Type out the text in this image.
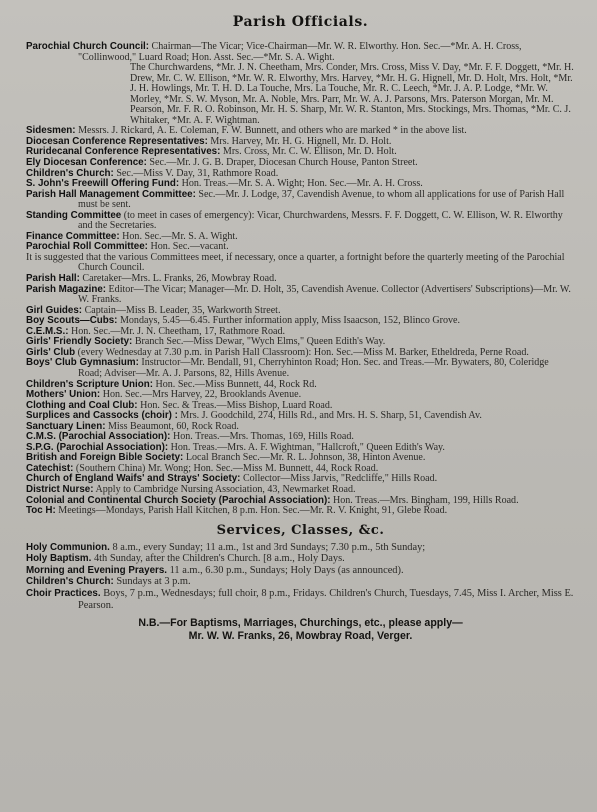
Parish Officials.

Parochial Church Council: Chairman—The Vicar; Vice-Chairman—Mr. W. R. Elworthy. Hon. Sec.—*Mr. A. H. Cross, "Collinwood," Luard Road; Hon. Asst. Sec.—*Mr. S. A. Wight.
The Churchwardens, *Mr. J. N. Cheetham, Mrs. Conder, Mrs. Cross, Miss V. Day, *Mr. F. F. Doggett, *Mr. H. Drew, Mr. C. W. Ellison, *Mr. W. R. Elworthy, Mrs. Harvey, *Mr. H. G. Hignell, Mr. D. Holt, Mrs. Holt, *Mr. J. H. Howlings, Mr. T. H. D. La Touche, Mrs. La Touche, Mr. R. C. Leech, *Mr. J. A. P. Lodge, *Mr. W. Morley, *Mr. S. W. Myson, Mr. A. Noble, Mrs. Parr, Mr. W. A. J. Parsons, Mrs. Paterson Morgan, Mr. M. Pearson, Mr. F. R. O. Robinson, Mr. H. S. Sharp, Mr. W. R. Stanton, Mrs. Stockings, Mrs. Thomas, *Mr. C. J. Whitaker, *Mr. A. F. Wightman.

Sidesmen: Messrs. J. Rickard, A. E. Coleman, F. W. Bunnett, and others who are marked * in the above list.

Diocesan Conference Representatives: Mrs. Harvey, Mr. H. G. Hignell, Mr. D. Holt.

Ruridecanal Conference Representatives: Mrs. Cross, Mr. C. W. Ellison, Mr. D. Holt.

Ely Diocesan Conference: Sec.—Mr. J. G. B. Draper, Diocesan Church House, Panton Street.

Children's Church: Sec.—Miss V. Day, 31, Rathmore Road.

S. John's Freewill Offering Fund: Hon. Treas.—Mr. S. A. Wight; Hon. Sec.—Mr. A. H. Cross.

Parish Hall Management Committee: Sec.—Mr. J. Lodge, 37, Cavendish Avenue, to whom all applications for use of Parish Hall must be sent.

Standing Committee (to meet in cases of emergency): Vicar, Churchwardens, Messrs. F. F. Doggett, C. W. Ellison, W. R. Elworthy and the Secretaries.

Finance Committee: Hon. Sec.—Mr. S. A. Wight.

Parochial Roll Committee: Hon. Sec.—vacant.

It is suggested that the various Committees meet, if necessary, once a quarter, a fortnight before the quarterly meeting of the Parochial Church Council.

Parish Hall: Caretaker—Mrs. L. Franks, 26, Mowbray Road.

Parish Magazine: Editor—The Vicar; Manager—Mr. D. Holt, 35, Cavendish Avenue. Collector (Advertisers' Subscriptions)—Mr. W. W. Franks.

Girl Guides: Captain—Miss B. Leader, 35, Warkworth Street.

Boy Scouts—Cubs: Mondays, 5.45—6.45. Further information apply, Miss Isaacson, 152, Blinco Grove.

C.E.M.S.: Hon. Sec.—Mr. J. N. Cheetham, 17, Rathmore Road.

Girls' Friendly Society: Branch Sec.—Miss Dewar, "Wych Elms," Queen Edith's Way.

Girls' Club (every Wednesday at 7.30 p.m. in Parish Hall Classroom): Hon. Sec.—Miss M. Barker, Etheldreda, Perne Road.

Boys' Club Gymnasium: Instructor—Mr. Bendall, 91, Cherryhinton Road; Hon. Sec. and Treas.—Mr. Bywaters, 80, Coleridge Road; Adviser—Mr. A. J. Parsons, 82, Hills Avenue.

Children's Scripture Union: Hon. Sec.—Miss Bunnett, 44, Rock Rd.

Mothers' Union: Hon. Sec.—Mrs Harvey, 22, Brooklands Avenue.

Clothing and Coal Club: Hon. Sec. & Treas.—Miss Bishop, Luard Road.

Surplices and Cassocks (choir) : Mrs. J. Goodchild, 274, Hills Rd., and Mrs. H. S. Sharp, 51, Cavendish Av.

Sanctuary Linen: Miss Beaumont, 60, Rock Road.

C.M.S. (Parochial Association): Hon. Treas.—Mrs. Thomas, 169, Hills Road.

S.P.G. (Parochial Association): Hon. Treas.—Mrs. A. F. Wightman, "Hallcroft," Queen Edith's Way.

British and Foreign Bible Society: Local Branch Sec.—Mr. R. L. Johnson, 38, Hinton Avenue.

Catechist: (Southern China) Mr. Wong; Hon. Sec.—Miss M. Bunnett, 44, Rock Road.

Church of England Waifs' and Strays' Society: Collector—Miss Jarvis, "Redcliffe," Hills Road.

District Nurse: Apply to Cambridge Nursing Association, 43, Newmarket Road.

Colonial and Continental Church Society (Parochial Association): Hon. Treas.—Mrs. Bingham, 199, Hills Road.

Toc H: Meetings—Mondays, Parish Hall Kitchen, 8 p.m. Hon. Sec.—Mr. R. V. Knight, 91, Glebe Road.

Services, Classes, &c.

Holy Communion. 8 a.m., every Sunday; 11 a.m., 1st and 3rd Sundays; 7.30 p.m., 5th Sunday;

Holy Baptism. 4th Sunday, after the Children's Church. [8 a.m., Holy Days.

Morning and Evening Prayers. 11 a.m., 6.30 p.m., Sundays; Holy Days (as announced).

Children's Church: Sundays at 3 p.m.

Choir Practices. Boys, 7 p.m., Wednesdays; full choir, 8 p.m., Fridays. Children's Church, Tuesdays, 7.45, Miss I. Archer, Miss E. Pearson.

N.B.—For Baptisms, Marriages, Churchings, etc., please apply—
Mr. W. W. Franks, 26, Mowbray Road, Verger.
